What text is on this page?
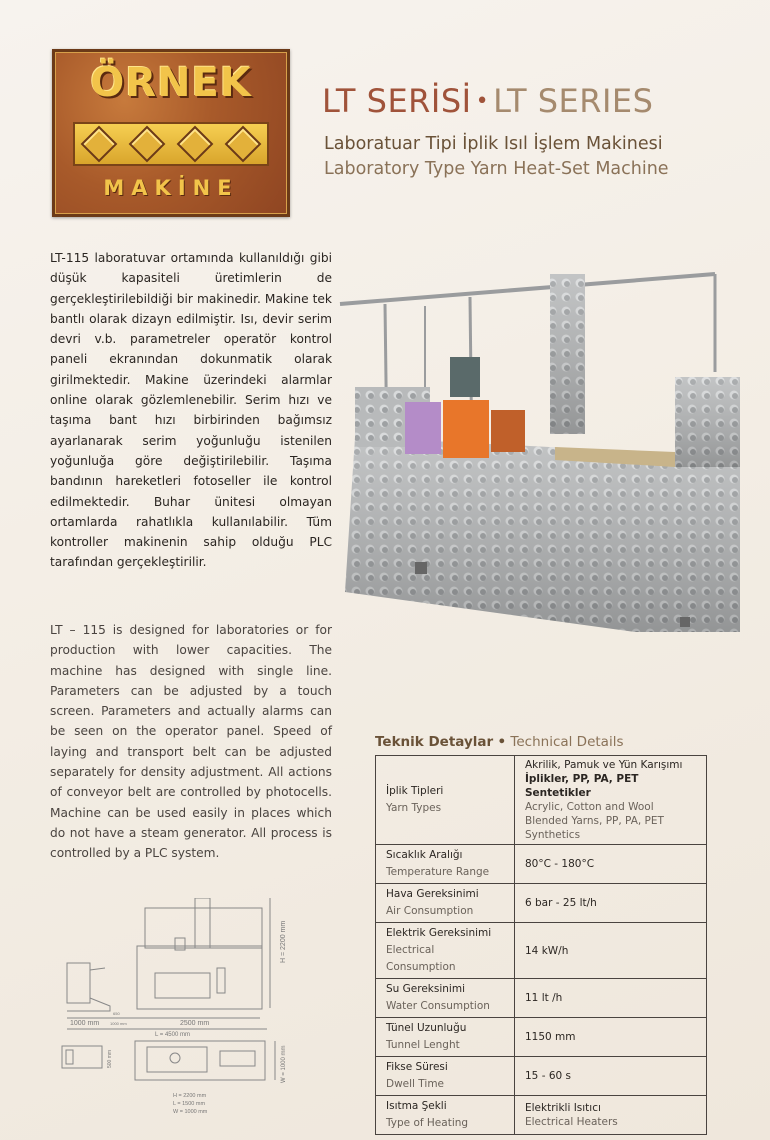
ÖRNEK
MAKİNE
LT SERİSİ • LT SERIES
Laboratuar Tipi İplik Isıl İşlem Makinesi
Laboratory Type Yarn Heat-Set Machine

LT-115 laboratuvar ortamında kullanıldığı gibi düşük kapasiteli üretimlerin de gerçekleştirilebildiği bir makinedir. Makine tek bantlı olarak dizayn edilmiştir. Isı, devir serim devri v.b. parametreler operatör kontrol paneli ekranından dokunmatik olarak girilmektedir. Makine üzerindeki alarmlar online olarak gözlemlenebilir. Serim hızı ve taşıma bant hızı birbirinden bağımsız ayarlanarak serim yoğunluğu istenilen yoğunluğa göre değiştirilebilir. Taşıma bandının hareketleri fotoseller ile kontrol edilmektedir. Buhar ünitesi olmayan ortamlarda rahatlıkla kullanılabilir. Tüm kontroller makinenin sahip olduğu PLC tarafından gerçekleştirilir.

LT – 115 is designed for laboratories or for production with lower capacities. The machine has designed with single line. Parameters can be adjusted by a touch screen. Parameters and actually alarms can be seen on the operator panel. Speed of laying and transport belt can be adjusted separately for density adjustment. All actions of conveyor belt are controlled by photocells. Machine can be used easily in places which do not have a steam generator. All process is controlled by a PLC system.

Teknik Detaylar • Technical Details
İplik Tipleri
Yarn Types	Akrilik, Pamuk ve Yün Karışımı
İplikler, PP, PA, PET Sentetikler
Acrylic, Cotton and Wool Blended Yarns, PP, PA, PET Synthetics

Sıcaklık Aralığı
Temperature Range	80°C - 180°C

Hava Gereksinimi
Air Consumption	6 bar - 25 lt/h

Elektrik Gereksinimi
Electrical Consumption	14 kW/h

Su Gereksinimi
Water Consumption	11 lt /h

Tünel Uzunluğu
Tunnel Lenght	1150 mm

Fikse Süresi
Dwell Time	15 - 60 s

Isıtma Şekli
Type of Heating	Elektrikli Isıtıcı
Electrical Heaters
H = 2200 mm
1000 mm
650
1000 mm	2500 mm
L = 4500 mm
500 mm	W = 1000 mm
H = 2200 mm
L = 1500 mm
W = 1000 mm
